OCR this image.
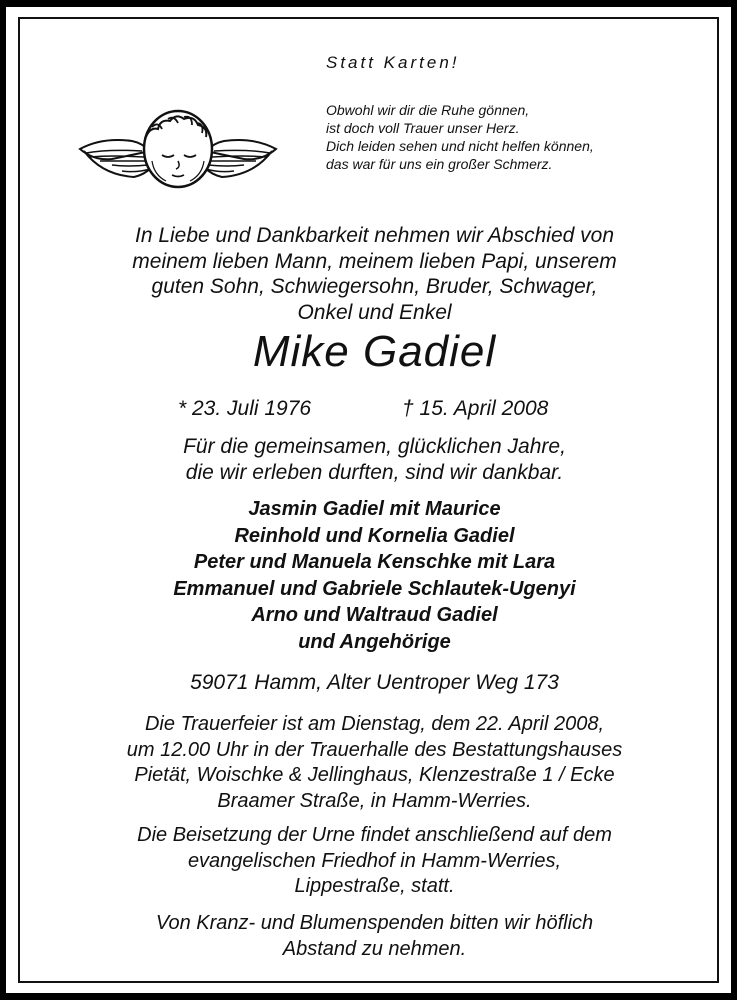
Statt Karten!
Obwohl wir dir die Ruhe gönnen,
ist doch voll Trauer unser Herz.
Dich leiden sehen und nicht helfen können,
das war für uns ein großer Schmerz.
In Liebe und Dankbarkeit nehmen wir Abschied von
meinem lieben Mann, meinem lieben Papi, unserem
guten Sohn, Schwiegersohn, Bruder, Schwager,
Onkel und Enkel
Mike Gadiel
* 23. Juli 1976	† 15. April 2008
Für die gemeinsamen, glücklichen Jahre,
die wir erleben durften, sind wir dankbar.
Jasmin Gadiel mit Maurice
Reinhold und Kornelia Gadiel
Peter und Manuela Kenschke mit Lara
Emmanuel und Gabriele Schlautek-Ugenyi
Arno und Waltraud Gadiel
und Angehörige
59071 Hamm, Alter Uentroper Weg 173
Die Trauerfeier ist am Dienstag, dem 22. April 2008,
um 12.00 Uhr in der Trauerhalle des Bestattungshauses
Pietät, Woischke & Jellinghaus, Klenzestraße 1 / Ecke
Braamer Straße, in Hamm-Werries.
Die Beisetzung der Urne findet anschließend auf dem
evangelischen Friedhof in Hamm-Werries,
Lippestraße, statt.
Von Kranz- und Blumenspenden bitten wir höflich
Abstand zu nehmen.
